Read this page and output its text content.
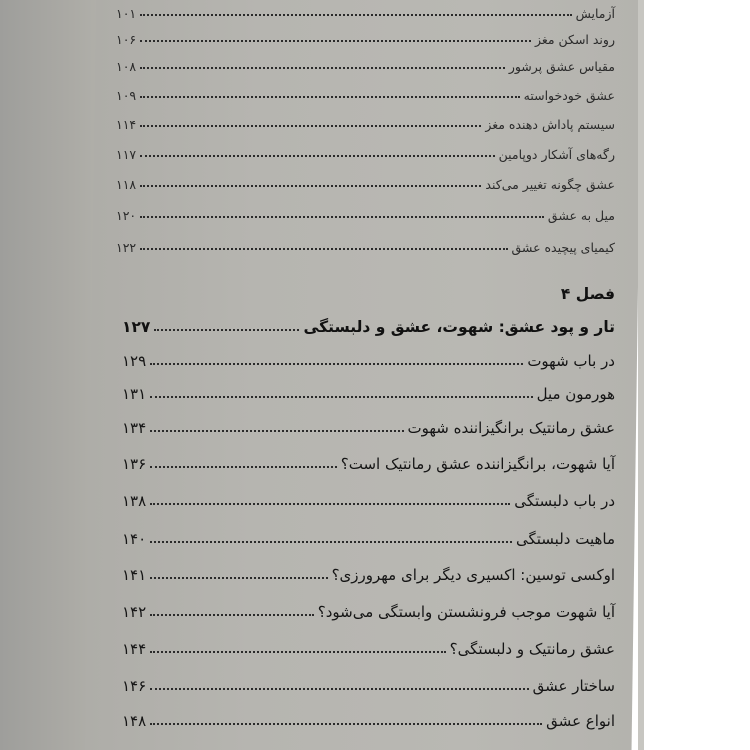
آزمایش
۱۰۱
روند اسکن مغز
۱۰۶
مقیاس عشق پرشور
۱۰۸
عشق خودخواسته
۱۰۹
سیستم پاداش دهنده مغز
۱۱۴
رگه‌های آشکار دوپامین
۱۱۷
عشق چگونه تغییر می‌کند
۱۱۸
میل به عشق
۱۲۰
کیمیای پیچیده عشق
۱۲۲
فصل ۴
تار و پود عشق: شهوت، عشق و دلبستگی
۱۲۷
در باب شهوت
۱۲۹
هورمون میل
۱۳۱
عشق رمانتیک برانگیزاننده شهوت
۱۳۴
آیا شهوت، برانگیزاننده عشق رمانتیک است؟
۱۳۶
در باب دلبستگی
۱۳۸
ماهیت دلبستگی
۱۴۰
اوکسی توسین: اکسیری دیگر برای مهرورزی؟
۱۴۱
آیا شهوت موجب فرونشستن وابستگی می‌شود؟
۱۴۲
عشق رمانتیک و دلبستگی؟
۱۴۴
ساختار عشق
۱۴۶
انواع عشق
۱۴۸
